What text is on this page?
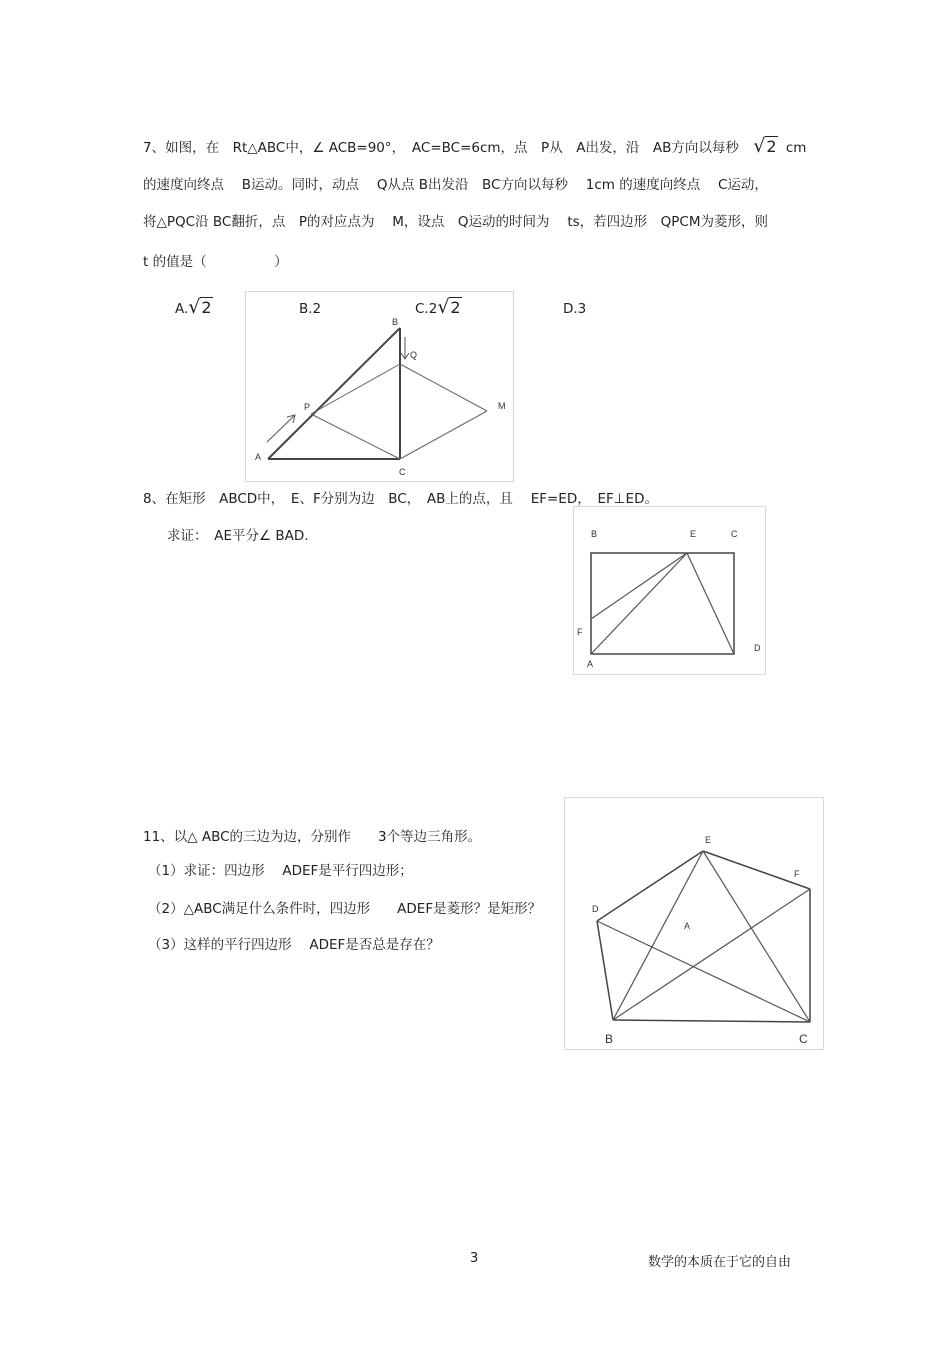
7、如图，在　Rt△ABC中，∠ ACB=90°，　AC=BC=6cm，点　P从　A出发，沿　AB方向以每秒 √2 cm
的速度向终点　 B运动。同时，动点　 Q从点 B出发沿　BC方向以每秒　 1cm 的速度向终点　 C运动，
将△PQC沿 BC翻折，点　P的对应点为　 M，设点　Q运动的时间为　 ts，若四边形　QPCM为菱形，则
t 的值是（　　　　　）
A.√2	B.2	C.2√2	D.3
A
B
C
P
Q
M
8、在矩形　ABCD中，　E、F分别为边　BC，　AB上的点，且　 EF=ED，　EF⊥ED。
求证：　AE平分∠ BAD.	B	E	C
F
A
D
11、以△ ABC的三边为边，分别作　　3个等边三角形。
（1）求证：四边形　 ADEF是平行四边形；
（2）△ABC满足什么条件时，四边形　　ADEF是菱形？是矩形？
（3）这样的平行四边形　 ADEF是否总是存在？
E
F
D
A
B	C
3	数学的本质在于它的自由
